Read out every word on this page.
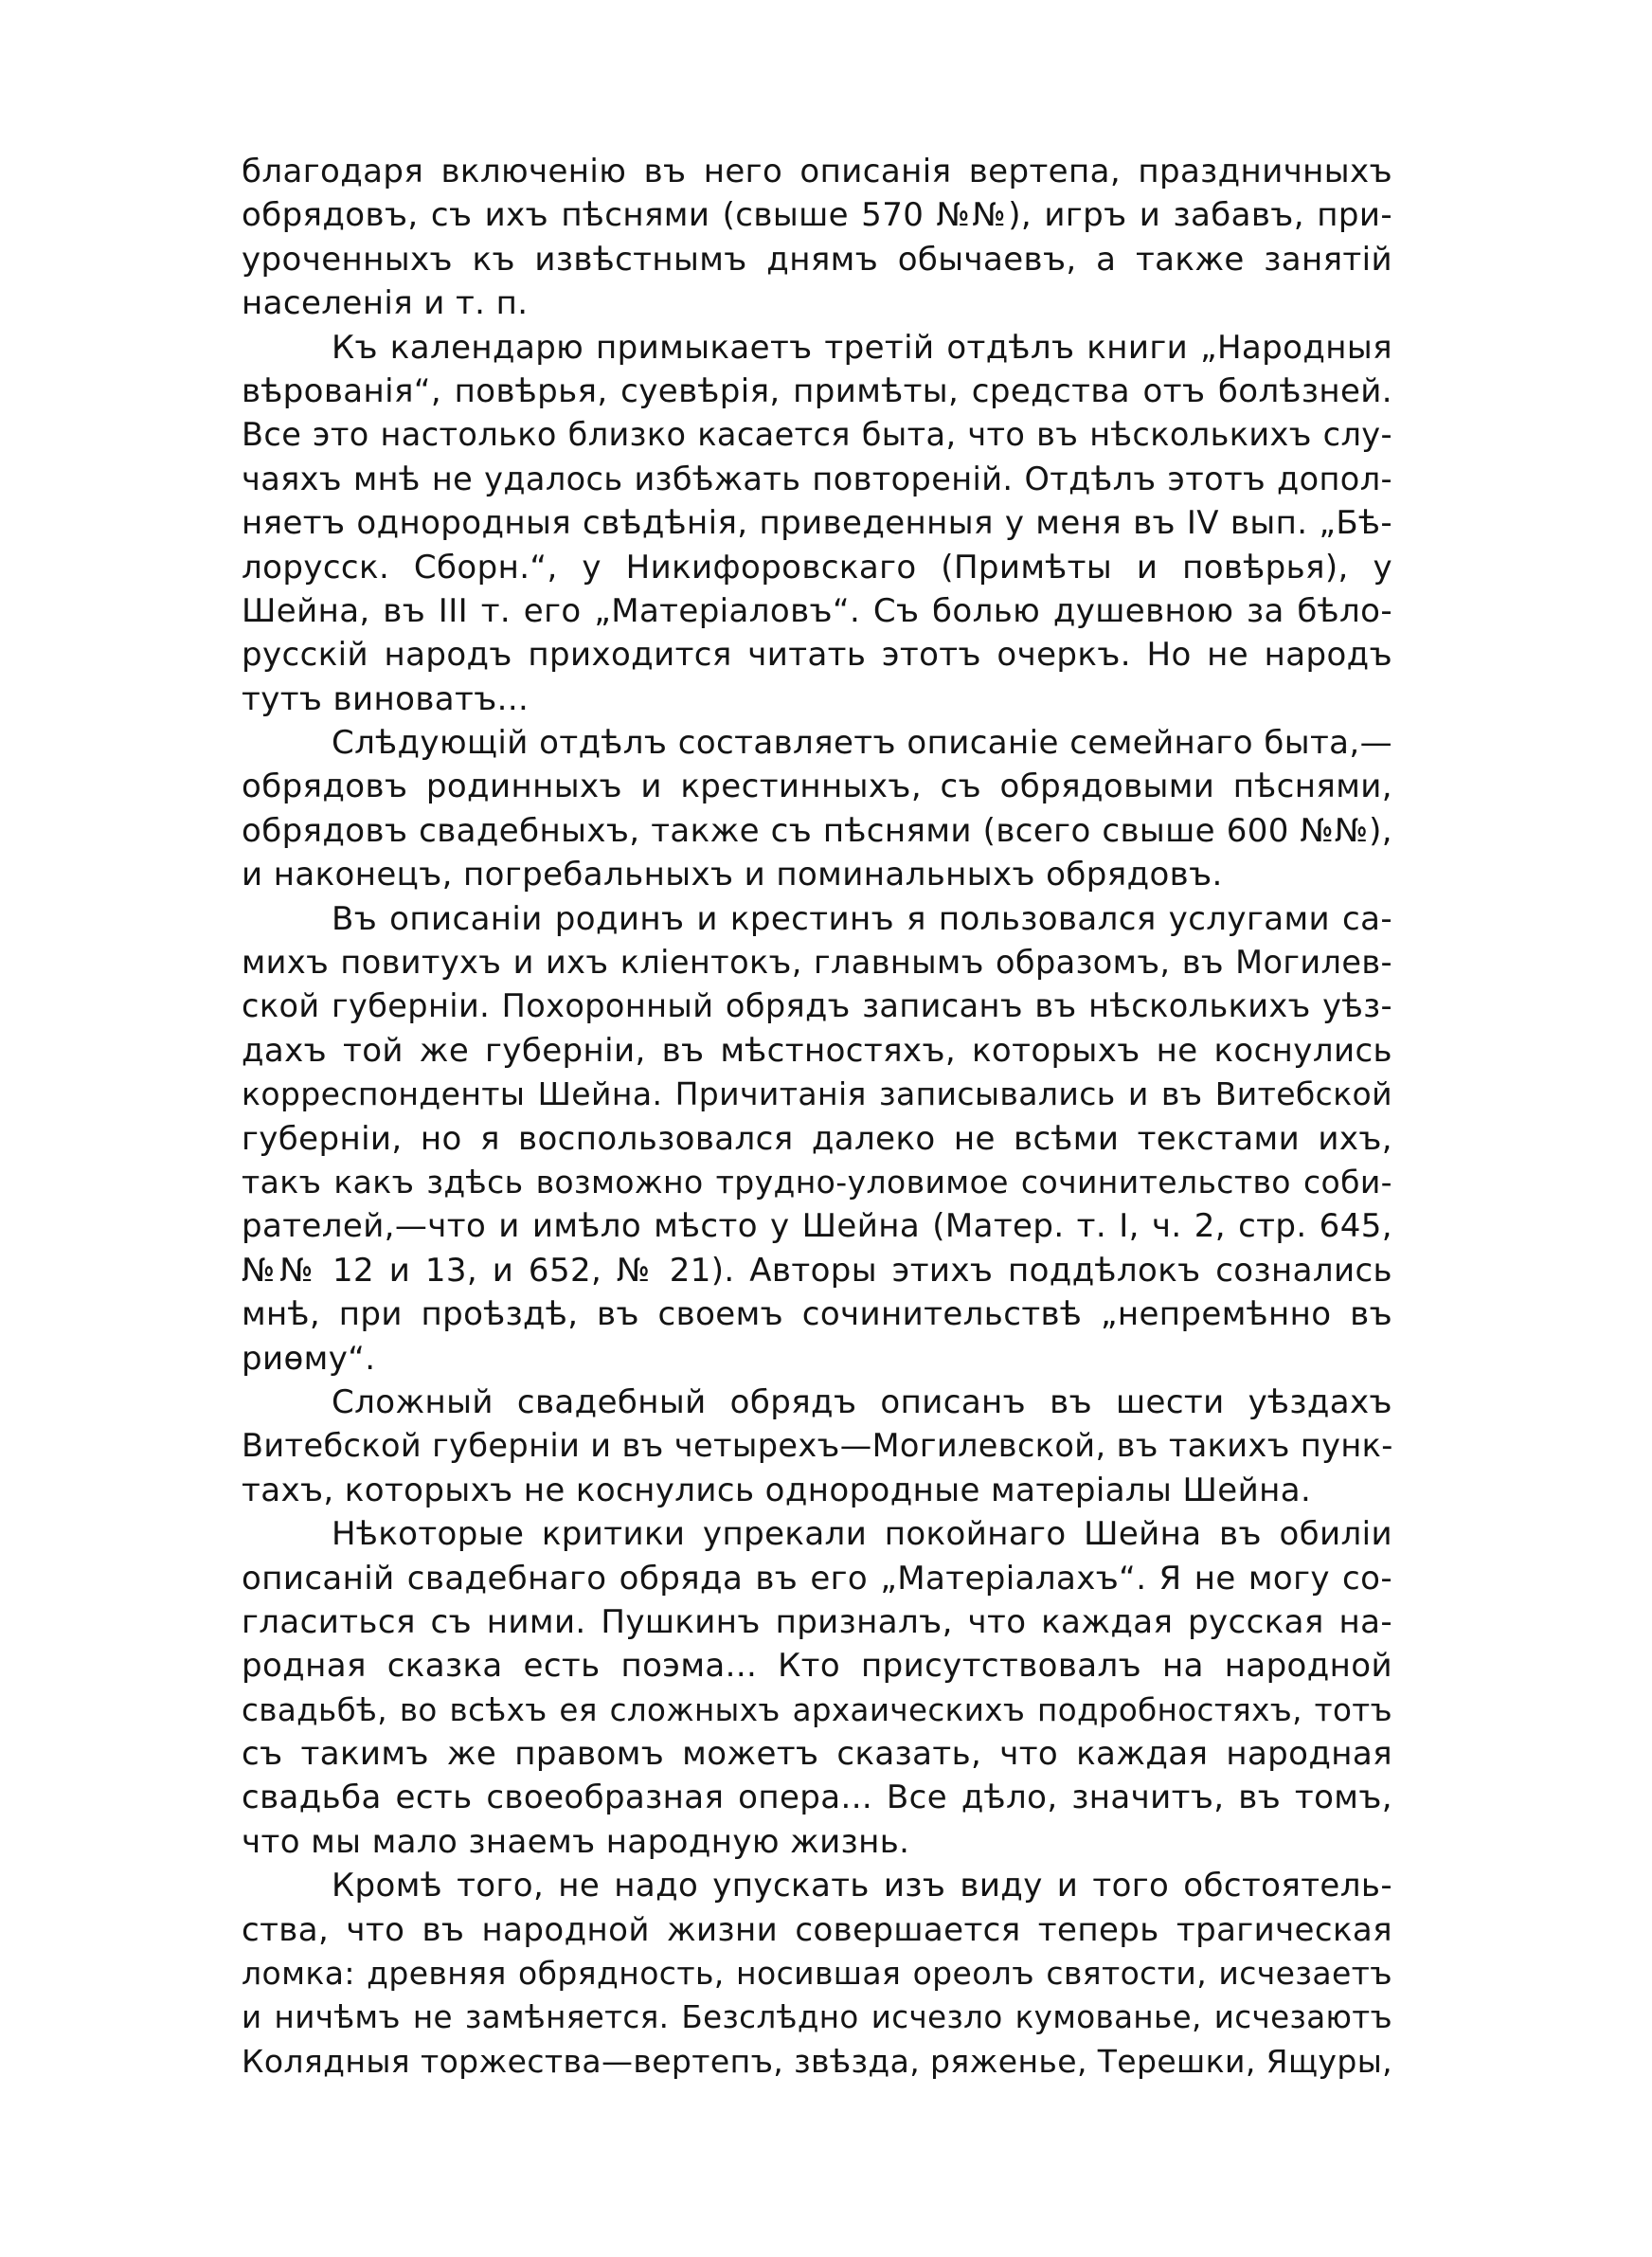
благодаря включенію въ него описанія вертепа, праздничныхъ
обрядовъ, съ ихъ пѣснями (свыше 570 №№), игръ и забавъ, при-
уроченныхъ къ извѣстнымъ днямъ обычаевъ, а также занятій
населенія и т. п.

Къ календарю примыкаетъ третій отдѣлъ книги „Народныя
вѣрованія“, повѣрья, суевѣрія, примѣты, средства отъ болѣзней.
Все это настолько близко касается быта, что въ нѣсколькихъ слу-
чаяхъ мнѣ не удалось избѣжать повтореній. Отдѣлъ этотъ допол-
няетъ однородныя свѣдѣнія, приведенныя у меня въ IV вып. „Бѣ-
лорусск. Сборн.“, у Никифоровскаго (Примѣты и повѣрья), у
Шейна, въ III т. его „Матеріаловъ“. Съ болью душевною за бѣло-
русскій народъ приходится читать этотъ очеркъ. Но не народъ
тутъ виноватъ...

Слѣдующій отдѣлъ составляетъ описаніе семейнаго быта,—
обрядовъ родинныхъ и крестинныхъ, съ обрядовыми пѣснями,
обрядовъ свадебныхъ, также съ пѣснями (всего свыше 600 №№),
и наконецъ, погребальныхъ и поминальныхъ обрядовъ.

Въ описаніи родинъ и крестинъ я пользовался услугами са-
михъ повитухъ и ихъ кліентокъ, главнымъ образомъ, въ Могилев-
ской губерніи. Похоронный обрядъ записанъ въ нѣсколькихъ уѣз-
дахъ той же губерніи, въ мѣстностяхъ, которыхъ не коснулись
корреспонденты Шейна. Причитанія записывались и въ Витебской
губерніи, но я воспользовался далеко не всѣми текстами ихъ,
такъ какъ здѣсь возможно трудно-уловимое сочинительство соби-
рателей,—что и имѣло мѣсто у Шейна (Матер. т. I, ч. 2, стр. 645,
№№ 12 и 13, и 652, № 21). Авторы этихъ поддѣлокъ сознались
мнѣ, при проѣздѣ, въ своемъ сочинительствѣ „непремѣнно въ
риѳму“.

Сложный свадебный обрядъ описанъ въ шести уѣздахъ
Витебской губерніи и въ четырехъ—Могилевской, въ такихъ пунк-
тахъ, которыхъ не коснулись однородные матеріалы Шейна.

Нѣкоторые критики упрекали покойнаго Шейна въ обиліи
описаній свадебнаго обряда въ его „Матеріалахъ“. Я не могу со-
гласиться съ ними. Пушкинъ призналъ, что каждая русская на-
родная сказка есть поэма... Кто присутствовалъ на народной
свадьбѣ, во всѣхъ ея сложныхъ архаическихъ подробностяхъ, тотъ
съ такимъ же правомъ можетъ сказать, что каждая народная
свадьба есть своеобразная опера... Все дѣло, значитъ, въ томъ,
что мы мало знаемъ народную жизнь.

Кромѣ того, не надо упускать изъ виду и того обстоятель-
ства, что въ народной жизни совершается теперь трагическая
ломка: древняя обрядность, носившая ореолъ святости, исчезаетъ
и ничѣмъ не замѣняется. Безслѣдно исчезло кумованье, исчезаютъ
Колядныя торжества—вертепъ, звѣзда, ряженье, Терешки, Ящуры,
